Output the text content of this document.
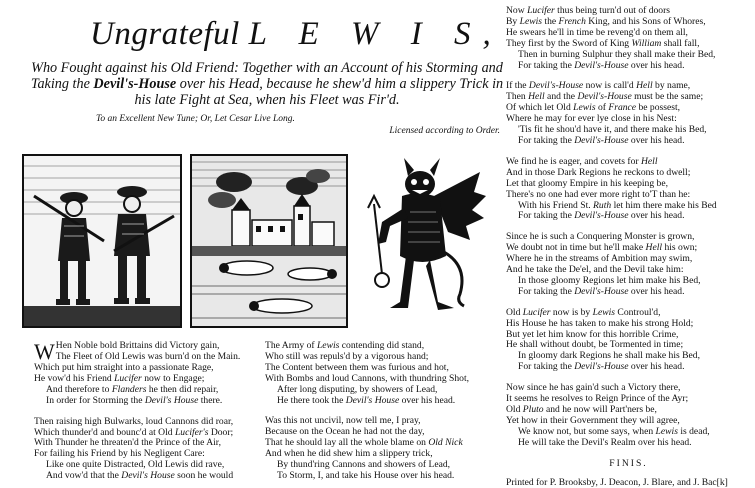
Ungrateful L E W I S,
Who Fought against his Old Friend: Together with an Account of his Storming and Taking the Devil's-House over his Head, because he shew'd him a slippery Trick in his late Fight at Sea, when his Fleet was Fir'd.
To an Excellent New Tune; Or, Let Cesar Live Long.
Licensed according to Order.
W Hen Noble bold Brittains did Victory gain,
The Fleet of Old Lewis was burn'd on the Main.
Which put him straight into a passionate Rage,
He vow'd his Friend Lucifer now to Engage;
And therefore to Flanders he then did repair,
In order for Storming the Devil's House there.
Then raising high Bulwarks, loud Cannons did roar,
Which thunder'd and bounc'd at Old Lucifer's Door;
With Thunder he threaten'd the Prince of the Air,
For failing his Friend by his Negligent Care:
Like one quite Distracted, Old Lewis did rave,
And vow'd that the Devil's House soon he would
The Army of Lewis contending did stand,
Who still was repuls'd by a vigorous hand;
The Content between them was furious and hot,
With Bombs and loud Cannons, with thundring Shot,
After long disputing, by showers of Lead,
He there took the Devil's House over his head.
Was this not uncivil, now tell me, I pray,
Because on the Ocean he had not the day,
That he should lay all the whole blame on Old Nick
And when he did shew him a slippery trick,
By thund'ring Cannons and showers of Lead,
To Storm, I, and take his House over his head.
Now Lucifer thus being turn'd out of doors
By Lewis the French King, and his Sons of Whores,
He swears he'll in time be reveng'd on them all,
They first by the Sword of King William shall fall,
Then in burning Sulphur they shall make their Bed,
For taking the Devil's-House over his head.
If the Devil's-House now is call'd Hell by name,
Then Hell and the Devil's-House must be the same;
Of which let Old Lewis of France be possest,
Where he may for ever lye close in his Nest:
'Tis fit he shou'd have it, and there make his Bed,
For taking the Devil's-House over his head.
We find he is eager, and covets for Hell
And in those Dark Regions he reckons to dwell;
Let that gloomy Empire in his keeping be,
There's no one had ever more right to'T than he:
With his Friend St. Ruth let him there make his Bed
For taking the Devil's-House over his head.
Since he is such a Conquering Monster is grown,
We doubt not in time but he'll make Hell his own;
Where he in the streams of Ambition may swim,
And he take the De'el, and the Devil take him:
In those gloomy Regions let him make his Bed,
For taking the Devil's-House over his head.
Old Lucifer now is by Lewis Controul'd,
His House he has taken to make his strong Hold;
But yet let him know for this horrible Crime,
He shall without doubt, be Tormented in time;
In gloomy dark Regions he shall make his Bed,
For taking the Devil's-House over his head.
Now since he has gain'd such a Victory there,
It seems he resolves to Reign Prince of the Ayr;
Old Pluto and he now will Part'ners be,
Yet how in their Government they will agree,
We know not, but some says, when Lewis is dead,
He will take the Devil's Realm over his head.
FINIS.
Printed for P. Brooksby, J. Deacon, J. Blare, and J. Bac[k]
